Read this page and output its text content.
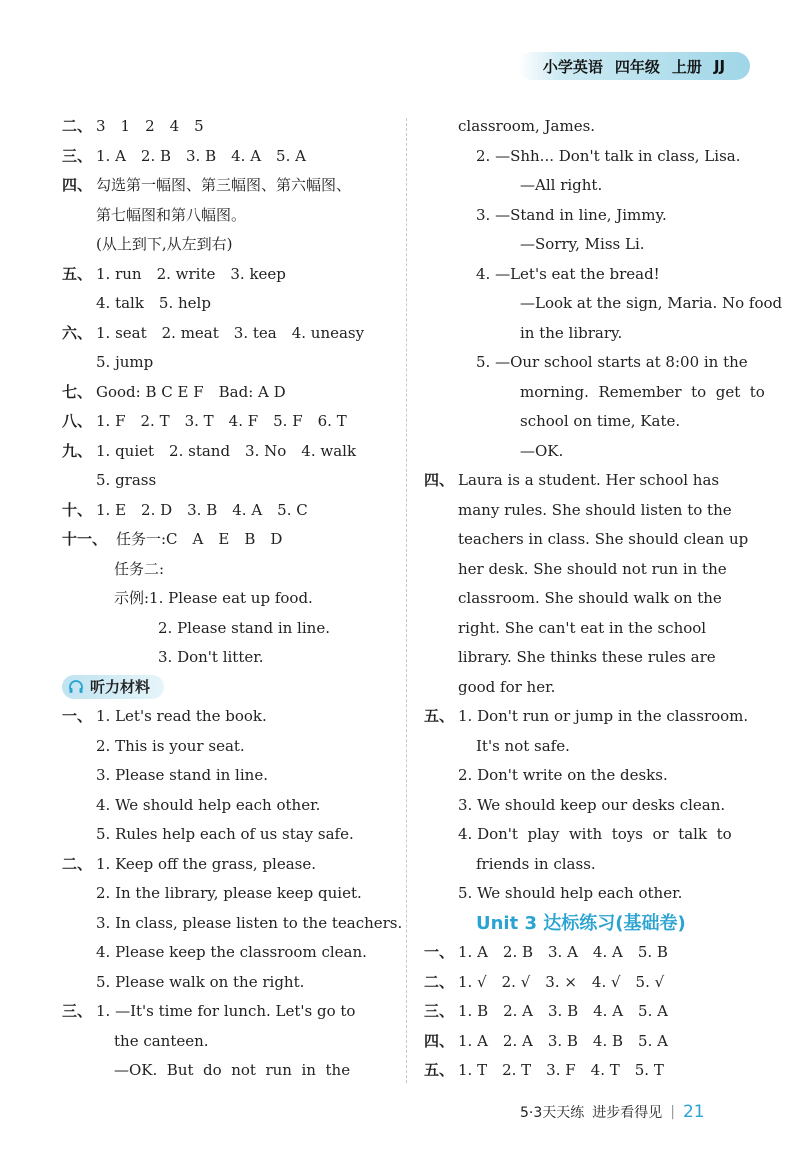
小学英语 四年级 上册 JJ
二、 3　1　2　4　5
三、 1. A　2. B　3. B　4. A　5. A
四、 勾选第一幅图、第三幅图、第六幅图、
第七幅图和第八幅图。
(从上到下,从左到右)
五、 1. run　2. write　3. keep
4. talk　5. help
六、 1. seat　2. meat　3. tea　4. uneasy
5. jump
七、 Good: B C E F　Bad: A D
八、 1. F　2. T　3. T　4. F　5. F　6. T
九、 1. quiet　2. stand　3. No　4. walk
5. grass
十、 1. E　2. D　3. B　4. A　5. C
十一、 任务一:C　A　E　B　D
任务二:
示例:1. Please eat up food.
2. Please stand in line.
3. Don't litter.
听力材料
一、 1. Let's read the book.
2. This is your seat.
3. Please stand in line.
4. We should help each other.
5. Rules help each of us stay safe.
二、 1. Keep off the grass, please.
2. In the library, please keep quiet.
3. In class, please listen to the teachers.
4. Please keep the classroom clean.
5. Please walk on the right.
三、 1. —It's time for lunch. Let's go to
the canteen.
—OK.  But  do  not  run  in  the
classroom, James.
2. —Shh... Don't talk in class, Lisa.
—All right.
3. —Stand in line, Jimmy.
—Sorry, Miss Li.
4. —Let's eat the bread!
—Look at the sign, Maria. No food
in the library.
5. —Our school starts at 8:00 in the
morning.  Remember  to  get  to
school on time, Kate.
—OK.
四、 Laura is a student. Her school has
many rules. She should listen to the
teachers in class. She should clean up
her desk. She should not run in the
classroom. She should walk on the
right. She can't eat in the school
library. She thinks these rules are
good for her.
五、 1. Don't run or jump in the classroom.
It's not safe.
2. Don't write on the desks.
3. We should keep our desks clean.
4. Don't  play  with  toys  or  talk  to
friends in class.
5. We should help each other.
Unit 3 达标练习(基础卷)
一、 1. A　2. B　3. A　4. A　5. B
二、 1. √　2. √　3. ×　4. √　5. √
三、 1. B　2. A　3. B　4. A　5. A
四、 1. A　2. A　3. B　4. B　5. A
五、 1. T　2. T　3. F　4. T　5. T
5·3天天练 进步看得见 | 21
